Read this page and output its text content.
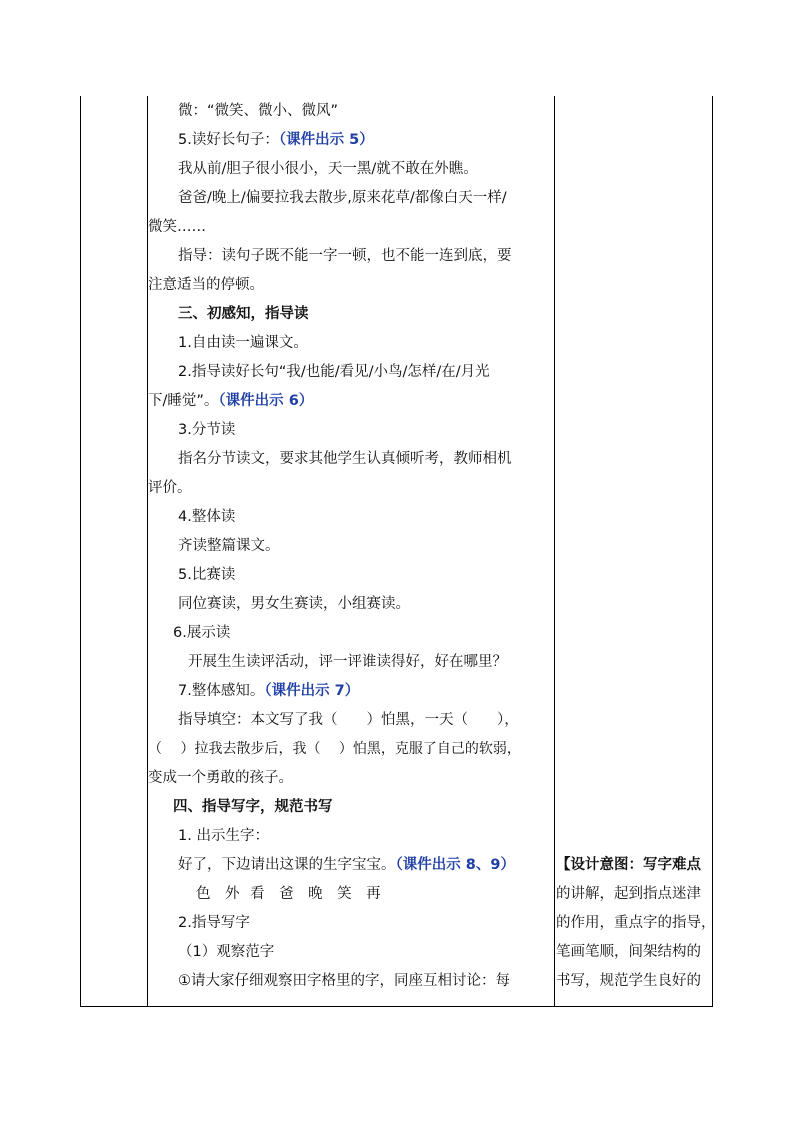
微：“微笑、微小、微风”
5.读好长句子：（课件出示 5）
我从前/胆子很小很小，天一黑/就不敢在外瞧。
爸爸/晚上/偏要拉我去散步,原来花草/都像白天一样/
微笑……
指导：读句子既不能一字一顿，也不能一连到底，要
注意适当的停顿。
三、初感知，指导读
1.自由读一遍课文。
2.指导读好长句“我/也能/看见/小鸟/怎样/在/月光
下/睡觉”。（课件出示 6）
3.分节读
指名分节读文，要求其他学生认真倾听考，教师相机
评价。
4.整体读
齐读整篇课文。
5.比赛读
同位赛读，男女生赛读，小组赛读。
6.展示读
开展生生读评活动，评一评谁读得好，好在哪里？
7.整体感知。（课件出示 7）
指导填空：本文写了我（　　）怕黑，一天（　　），
（　 ）拉我去散步后，我（　 ）怕黑，克服了自己的软弱，
变成一个勇敢的孩子。
四、指导写字，规范书写
1. 出示生字：
好了，下边请出这课的生字宝宝。（课件出示 8、9）
色　外 看　爸　晚　笑　再
2.指导写字
（1）观察范字
①请大家仔细观察田字格里的字，同座互相讨论：每
【设计意图：写字难点
的讲解，起到指点迷津
的作用，重点字的指导，
笔画笔顺，间架结构的
书写，规范学生良好的
